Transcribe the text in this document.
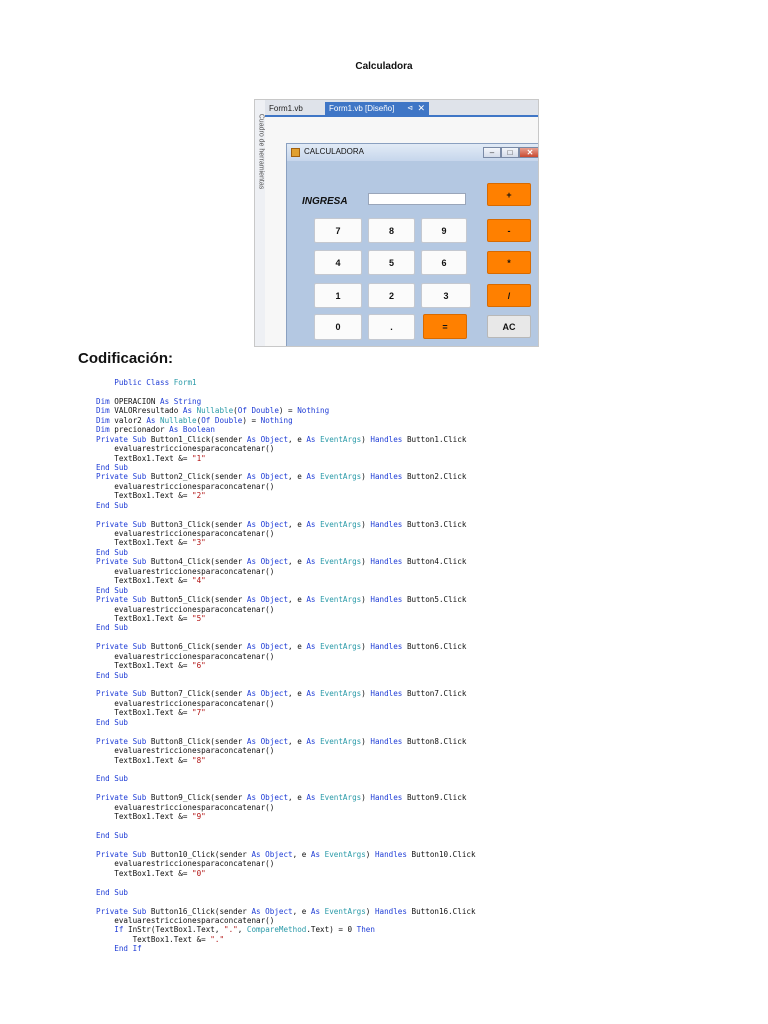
Calculadora
Cuadro de herramientas
Form1.vb	Form1.vb [Diseño] ⊲ ✕
CALCULADORA	–	□	✕
INGRESA
7	8	9
4	5	6
1	2	3
0	.	=
+
-
*
/
AC
Codificación:
Public Class Form1
Dim OPERACION As String
Dim VALORresultado As Nullable(Of Double) = Nothing
Dim valor2 As Nullable(Of Double) = Nothing
Dim precionador As Boolean
Private Sub Button1_Click(sender As Object, e As EventArgs) Handles Button1.Click
evaluarestriccionesparaconcatenar()
TextBox1.Text &= "1"
End Sub
Private Sub Button2_Click(sender As Object, e As EventArgs) Handles Button2.Click
evaluarestriccionesparaconcatenar()
TextBox1.Text &= "2"
End Sub
Private Sub Button3_Click(sender As Object, e As EventArgs) Handles Button3.Click
evaluarestriccionesparaconcatenar()
TextBox1.Text &= "3"
End Sub
Private Sub Button4_Click(sender As Object, e As EventArgs) Handles Button4.Click
evaluarestriccionesparaconcatenar()
TextBox1.Text &= "4"
End Sub
Private Sub Button5_Click(sender As Object, e As EventArgs) Handles Button5.Click
evaluarestriccionesparaconcatenar()
TextBox1.Text &= "5"
End Sub
Private Sub Button6_Click(sender As Object, e As EventArgs) Handles Button6.Click
evaluarestriccionesparaconcatenar()
TextBox1.Text &= "6"
End Sub
Private Sub Button7_Click(sender As Object, e As EventArgs) Handles Button7.Click
evaluarestriccionesparaconcatenar()
TextBox1.Text &= "7"
End Sub
Private Sub Button8_Click(sender As Object, e As EventArgs) Handles Button8.Click
evaluarestriccionesparaconcatenar()
TextBox1.Text &= "8"
End Sub
Private Sub Button9_Click(sender As Object, e As EventArgs) Handles Button9.Click
evaluarestriccionesparaconcatenar()
TextBox1.Text &= "9"
End Sub
Private Sub Button10_Click(sender As Object, e As EventArgs) Handles Button10.Click
evaluarestriccionesparaconcatenar()
TextBox1.Text &= "0"
End Sub
Private Sub Button16_Click(sender As Object, e As EventArgs) Handles Button16.Click
evaluarestriccionesparaconcatenar()
If InStr(TextBox1.Text, ".", CompareMethod.Text) = 0 Then
TextBox1.Text &= "."
End If
